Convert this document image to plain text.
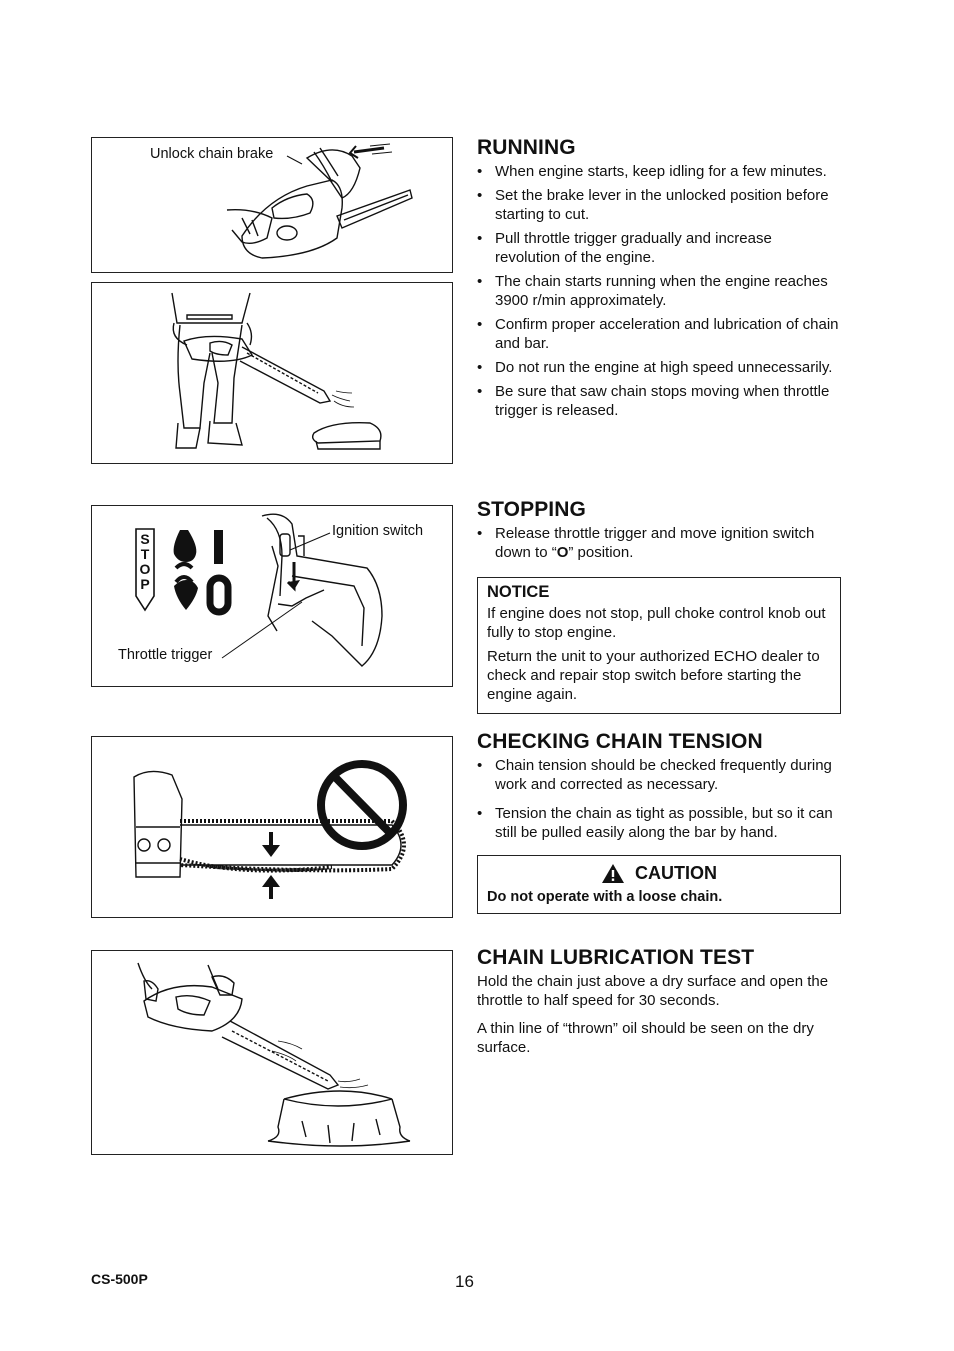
Unlock chain brake
S
T
O
P
Ignition switch
Throttle trigger
RUNNING
• When engine starts, keep idling for a few minutes.
• Set the brake lever in the unlocked position before starting to cut.
• Pull throttle trigger gradually and increase revolution of the engine.
• The chain starts running when the engine reaches 3900 r/min approximately.
• Confirm proper acceleration and lubrication of chain and bar.
• Do not run the engine at high speed unnecessarily.
• Be sure that saw chain stops moving when throttle trigger is released.
STOPPING
• Release throttle trigger and move ignition switch down to “O” position.
NOTICE

If engine does not stop, pull choke control knob out fully to stop engine.

Return the unit to your authorized ECHO dealer to check and repair stop switch before starting the engine again.

CHECKING CHAIN TENSION
• Chain tension should be checked frequently during work and corrected as necessary.
• Tension the chain as tight as possible, but so it can still be pulled easily along the bar by hand.
CAUTION
Do not operate with a loose chain.
CHAIN LUBRICATION TEST

Hold the chain just above a dry surface and open the throttle to half speed for 30 seconds.

A thin line of “thrown” oil should be seen on the dry surface.

CS-500P	16
